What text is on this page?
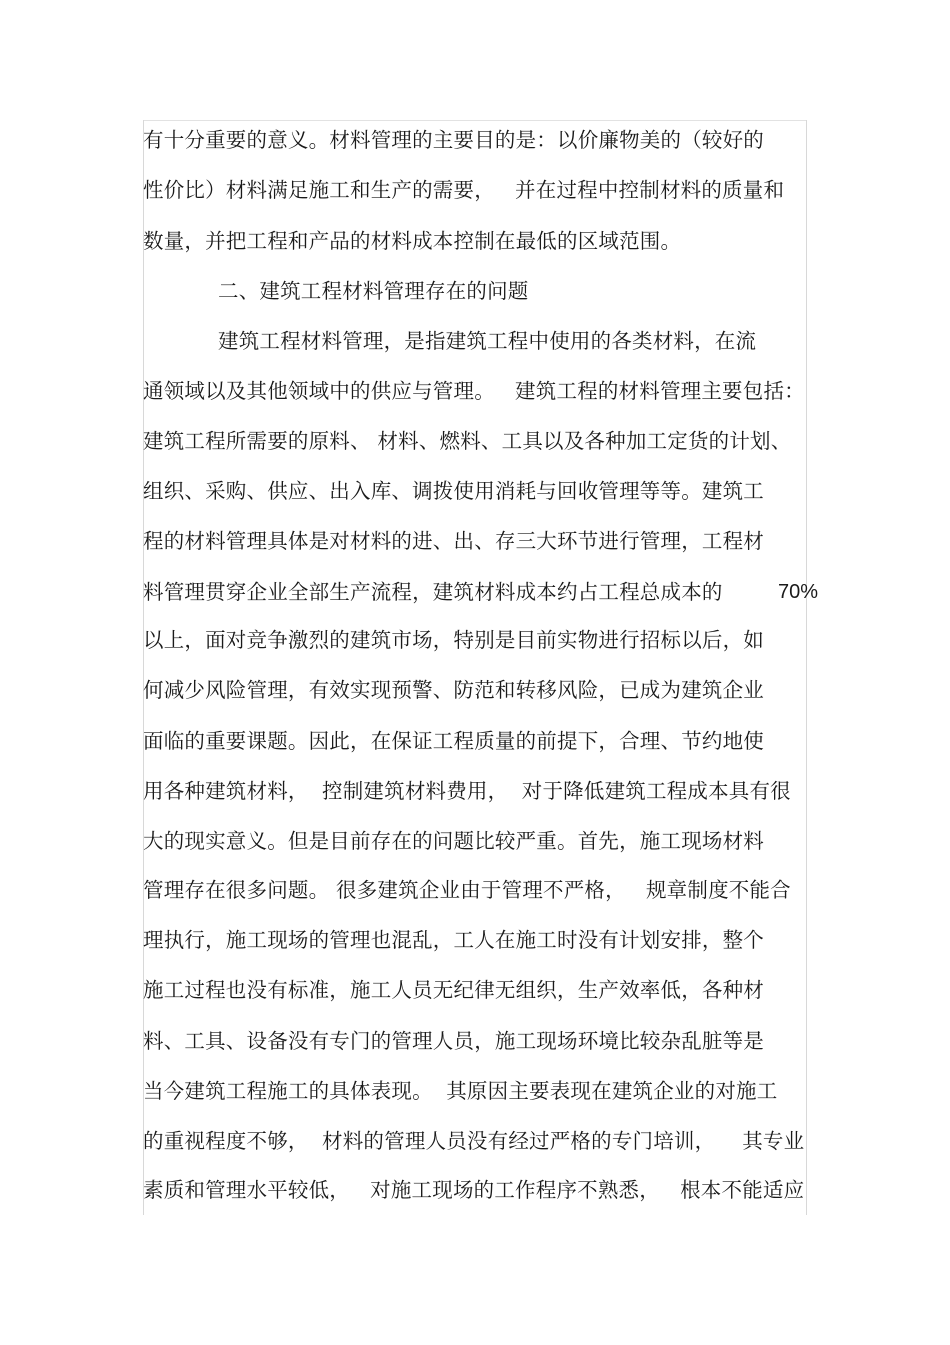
有十分重要的意义。材料管理的主要目的是：以价廉物美的（较好的
性价比）材料满足施工和生产的需要，   并在过程中控制材料的质量和
数量，并把工程和产品的材料成本控制在最低的区域范围。
二、建筑工程材料管理存在的问题
建筑工程材料管理，是指建筑工程中使用的各类材料，在流
通领域以及其他领域中的供应与管理。   建筑工程的材料管理主要包括：
建筑工程所需要的原料、 材料、燃料、工具以及各种加工定货的计划、
组织、采购、供应、出入库、调拨使用消耗与回收管理等等。建筑工
程的材料管理具体是对材料的进、出、存三大环节进行管理，工程材
料管理贯穿企业全部生产流程，建筑材料成本约占工程总成本的	70%
以上，面对竞争激烈的建筑市场，特别是目前实物进行招标以后，如
何减少风险管理，有效实现预警、防范和转移风险，已成为建筑企业
面临的重要课题。因此，在保证工程质量的前提下，合理、节约地使
用各种建筑材料，  控制建筑材料费用，  对于降低建筑工程成本具有很
大的现实意义。但是目前存在的问题比较严重。首先，施工现场材料
管理存在很多问题。 很多建筑企业由于管理不严格，   规章制度不能合
理执行，施工现场的管理也混乱，工人在施工时没有计划安排，整个
施工过程也没有标准，施工人员无纪律无组织，生产效率低，各种材
料、工具、设备没有专门的管理人员，施工现场环境比较杂乱脏等是
当今建筑工程施工的具体表现。  其原因主要表现在建筑企业的对施工
的重视程度不够，  材料的管理人员没有经过严格的专门培训，    其专业
素质和管理水平较低，   对施工现场的工作程序不熟悉，   根本不能适应
